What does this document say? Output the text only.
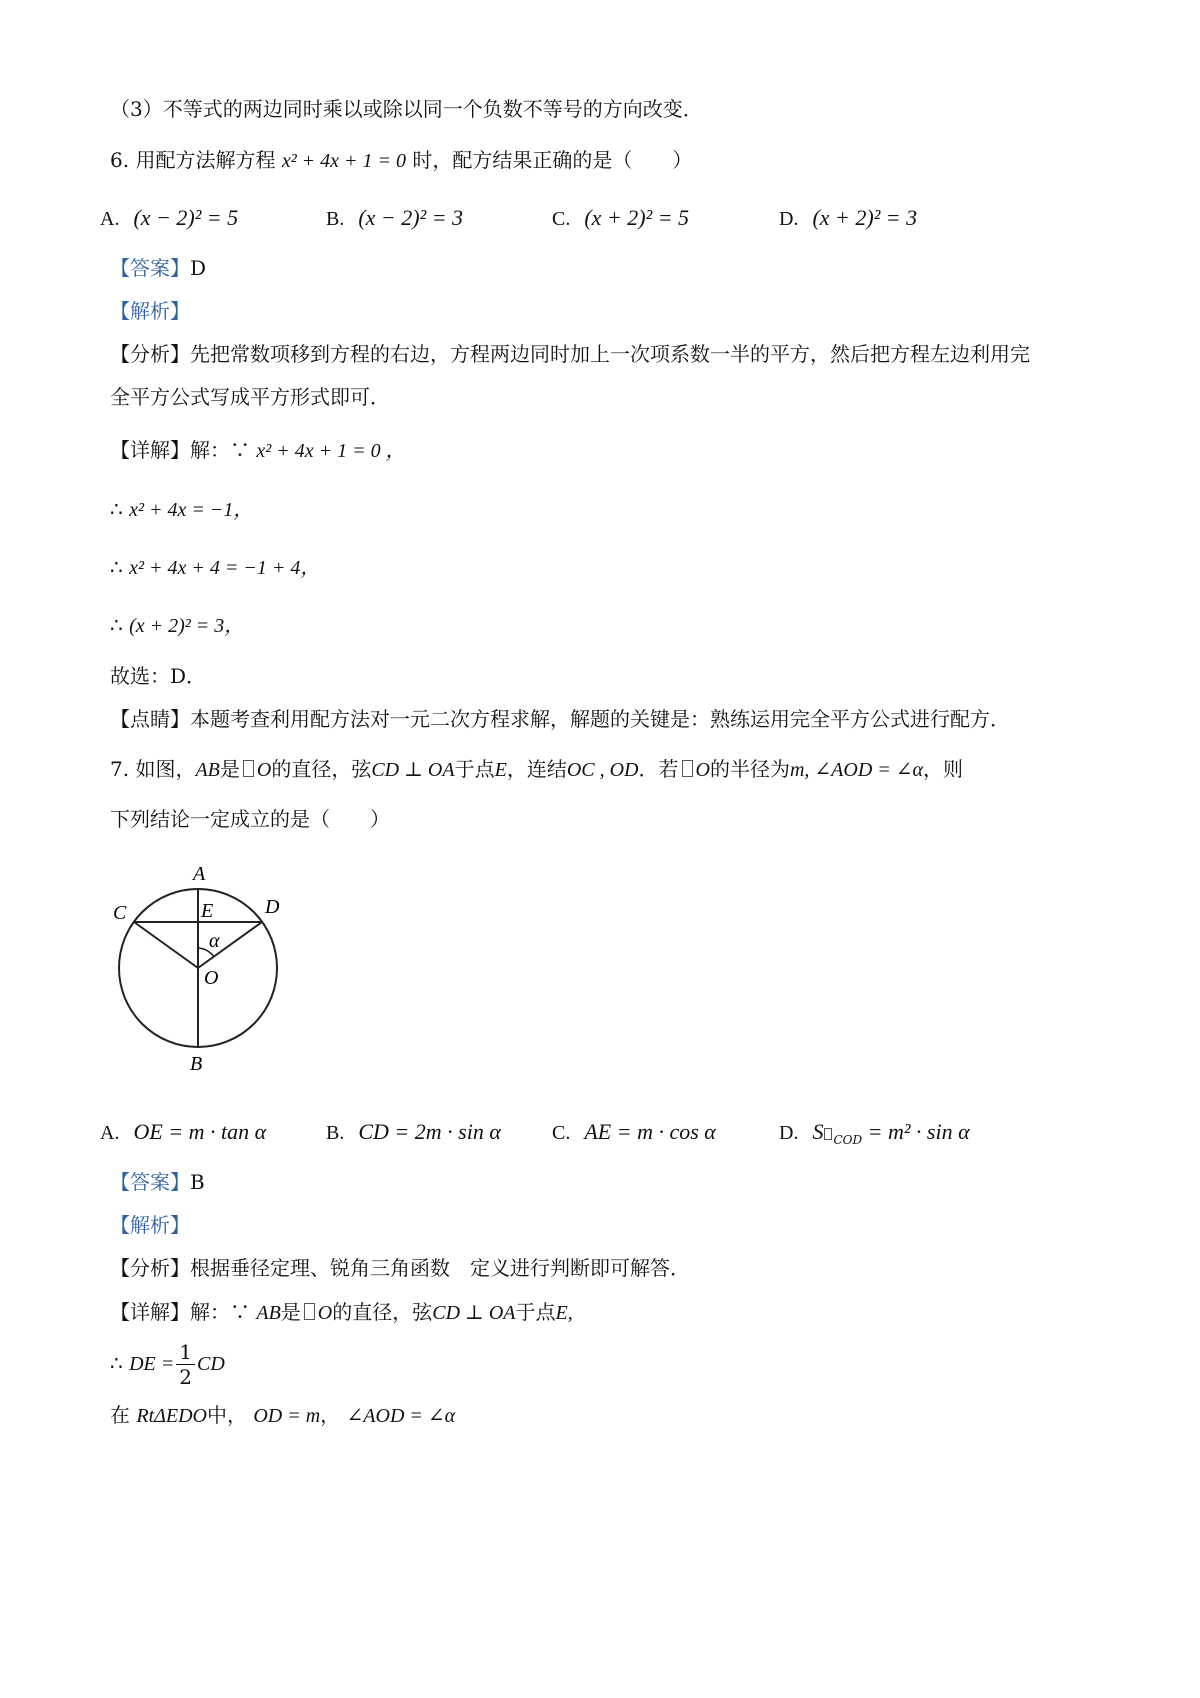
（3）不等式的两边同时乘以或除以同一个负数不等号的方向改变．
6. 用配方法解方程 x² + 4x + 1 = 0 时，配方结果正确的是（　　）
A. (x − 2)² = 5	B. (x − 2)² = 3	C. (x + 2)² = 5	D. (x + 2)² = 3
【答案】D
【解析】
【分析】先把常数项移到方程的右边，方程两边同时加上一次项系数一半的平方，然后把方程左边利用完
全平方公式写成平方形式即可．
【详解】解：∵ x² + 4x + 1 = 0 ，
∴ x² + 4x = −1，
∴ x² + 4x + 4 = −1 + 4，
∴ (x + 2)² = 3，
故选：D．
【点睛】本题考查利用配方法对一元二次方程求解，解题的关键是：熟练运用完全平方公式进行配方．
7. 如图，AB是 O的直径，弦CD ⊥ OA于点E，连结OC , OD．若 O的半径为m, ∠AOD = ∠α，则
下列结论一定成立的是（　　）
A
B
C	D
E
O
α
A. OE = m · tan α	B. CD = 2m · sin α	C. AE = m · cos α	D. S $_{COD}$ = m² · sin α
【答案】B
【解析】
【分析】根据垂径定理、锐角三角函数　定义进行判断即可解答．
【详解】解：∵ AB是 O的直径，弦CD ⊥ OA于点E,
∴ DE = $\frac{1}{2}$ CD
在 RtΔEDO中， OD = m， ∠AOD = ∠α
